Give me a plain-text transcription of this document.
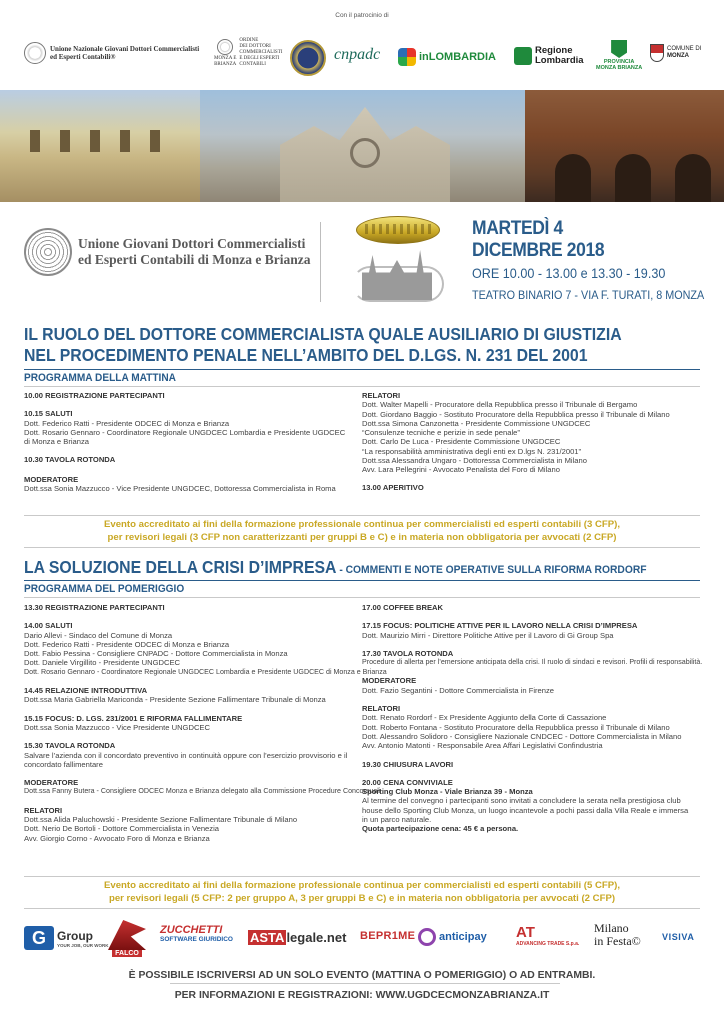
Con il patrocinio di
Unione Nazionale Giovani Dottori Commercialisti
ed Esperti Contabili®	MONZA E
BRIANZA
ORDINE
DEI DOTTORI
COMMERCIALISTI
E DEGLI ESPERTI
CONTABILI
cnpadc	inLOMBARDIA
Regione
Lombardia	PROVINCIA
MONZA BRIANZA
COMUNE DI
MONZA
Unione Giovani Dottori Commercialisti
ed Esperti Contabili di Monza e Brianza
MARTEDÌ 4
DICEMBRE 2018
ORE 10.00 - 13.00 e 13.30 - 19.30
TEATRO BINARIO 7 - VIA F. TURATI, 8 MONZA
IL RUOLO DEL DOTTORE COMMERCIALISTA QUALE AUSILIARIO DI GIUSTIZIA
NEL PROCEDIMENTO PENALE NELL’AMBITO DEL D.LGS. N. 231 DEL 2001
PROGRAMMA DELLA MATTINA
10.00 REGISTRAZIONE PARTECIPANTI
10.15 SALUTI
Dott. Federico Ratti - Presidente ODCEC di Monza e Brianza
Dott. Rosario Gennaro - Coordinatore Regionale UNGDCEC Lombardia e Presidente UGDCEC
di Monza e Brianza
10.30 TAVOLA ROTONDA
MODERATORE
Dott.ssa Sonia Mazzucco - Vice Presidente UNGDCEC, Dottoressa Commercialista in Roma
RELATORI
Dott. Walter Mapelli - Procuratore della Repubblica presso il Tribunale di Bergamo
Dott. Giordano Baggio - Sostituto Procuratore della Repubblica presso il Tribunale di Milano
Dott.ssa Simona Canzonetta - Presidente Commissione UNGDCEC
“Consulenze tecniche e perizie in sede penale”
Dott. Carlo De Luca - Presidente Commissione UNGDCEC
“La responsabilità amministrativa degli enti ex D.lgs N. 231/2001”
Dott.ssa Alessandra Ungaro - Dottoressa Commercialista in Milano
Avv. Lara Pellegrini - Avvocato Penalista del Foro di Milano
13.00 APERITIVO
Evento accreditato ai fini della formazione professionale continua per commercialisti ed esperti contabili (3 CFP),
per revisori legali (3 CFP non caratterizzanti per gruppi B e C) e in materia non obbligatoria per avvocati (2 CFP)
LA SOLUZIONE DELLA CRISI D’IMPRESA - COMMENTI E NOTE OPERATIVE SULLA RIFORMA RORDORF
PROGRAMMA DEL POMERIGGIO
13.30 REGISTRAZIONE PARTECIPANTI
14.00 SALUTI
Dario Allevi - Sindaco del Comune di Monza
Dott. Federico Ratti - Presidente ODCEC di Monza e Brianza
Dott. Fabio Pessina - Consigliere CNPADC - Dottore Commercialista in Monza
Dott. Daniele Virgillito - Presidente UNGDCEC
Dott. Rosario Gennaro - Coordinatore Regionale UNGDCEC Lombardia e Presidente UGDCEC di Monza e Brianza
14.45 RELAZIONE INTRODUTTIVA
Dott.ssa Maria Gabriella Mariconda - Presidente Sezione Fallimentare Tribunale di Monza
15.15 FOCUS: D. LGS. 231/2001 E RIFORMA FALLIMENTARE
Dott.ssa Sonia Mazzucco - Vice Presidente UNGDCEC
15.30 TAVOLA ROTONDA
Salvare l’azienda con il concordato preventivo in continuità oppure con l’esercizio provvisorio e il
concordato fallimentare
MODERATORE
Dott.ssa Fanny Butera - Consigliere ODCEC Monza e Brianza delegato alla Commissione Procedure Concorsuali
RELATORI
Dott.ssa Alida Paluchowski - Presidente Sezione Fallimentare Tribunale di Milano
Dott. Nerio De Bortoli - Dottore Commercialista in Venezia
Avv. Giorgio Corno - Avvocato Foro di Monza e Brianza
17.00 COFFEE BREAK
17.15 FOCUS: POLITICHE ATTIVE PER IL LAVORO NELLA CRISI D’IMPRESA
Dott. Maurizio Mirri - Direttore Politiche Attive per il Lavoro di Gi Group Spa
17.30 TAVOLA ROTONDA
Procedure di allerta per l’emersione anticipata della crisi. Il ruolo di sindaci e revisori. Profili di responsabilità.
MODERATORE
Dott. Fazio Segantini - Dottore Commercialista in Firenze
RELATORI
Dott. Renato Rordorf - Ex Presidente Aggiunto della Corte di Cassazione
Dott. Roberto Fontana - Sostituto Procuratore della Repubblica presso il Tribunale di Milano
Dott. Alessandro Solidoro - Consigliere Nazionale CNDCEC - Dottore Commercialista in Milano
Avv. Antonio Matonti - Responsabile Area Affari Legislativi Confindustria
19.30 CHIUSURA LAVORI
20.00 CENA CONVIVIALE
Sporting Club Monza - Viale Brianza 39 - Monza
Al termine del convegno i partecipanti sono invitati a concludere la serata nella prestigiosa club
house dello Sporting Club Monza, un luogo incantevole a pochi passi dalla Villa Reale e immersa
in un parco naturale.
Quota partecipazione cena: 45 € a persona.
Evento accreditato ai fini della formazione professionale continua per commercialisti ed esperti contabili (5 CFP),
per revisori legali (5 CFP: 2 per gruppo A, 3 per gruppi B e C) e in materia non obbligatoria per avvocati (2 CFP)
G Group
YOUR JOB, OUR WORK
FALCO
ZUCCHETTI
SOFTWARE GIURIDICO ASTA legale.net BEPR1ME anticipay AT
ADVANCING TRADE S.p.a.
Milano
in Festa© VISIVA
È POSSIBILE ISCRIVERSI AD UN SOLO EVENTO (MATTINA O POMERIGGIO) O AD ENTRAMBI.
PER INFORMAZIONI E REGISTRAZIONI: WWW.UGDCECMONZABRIANZA.IT
